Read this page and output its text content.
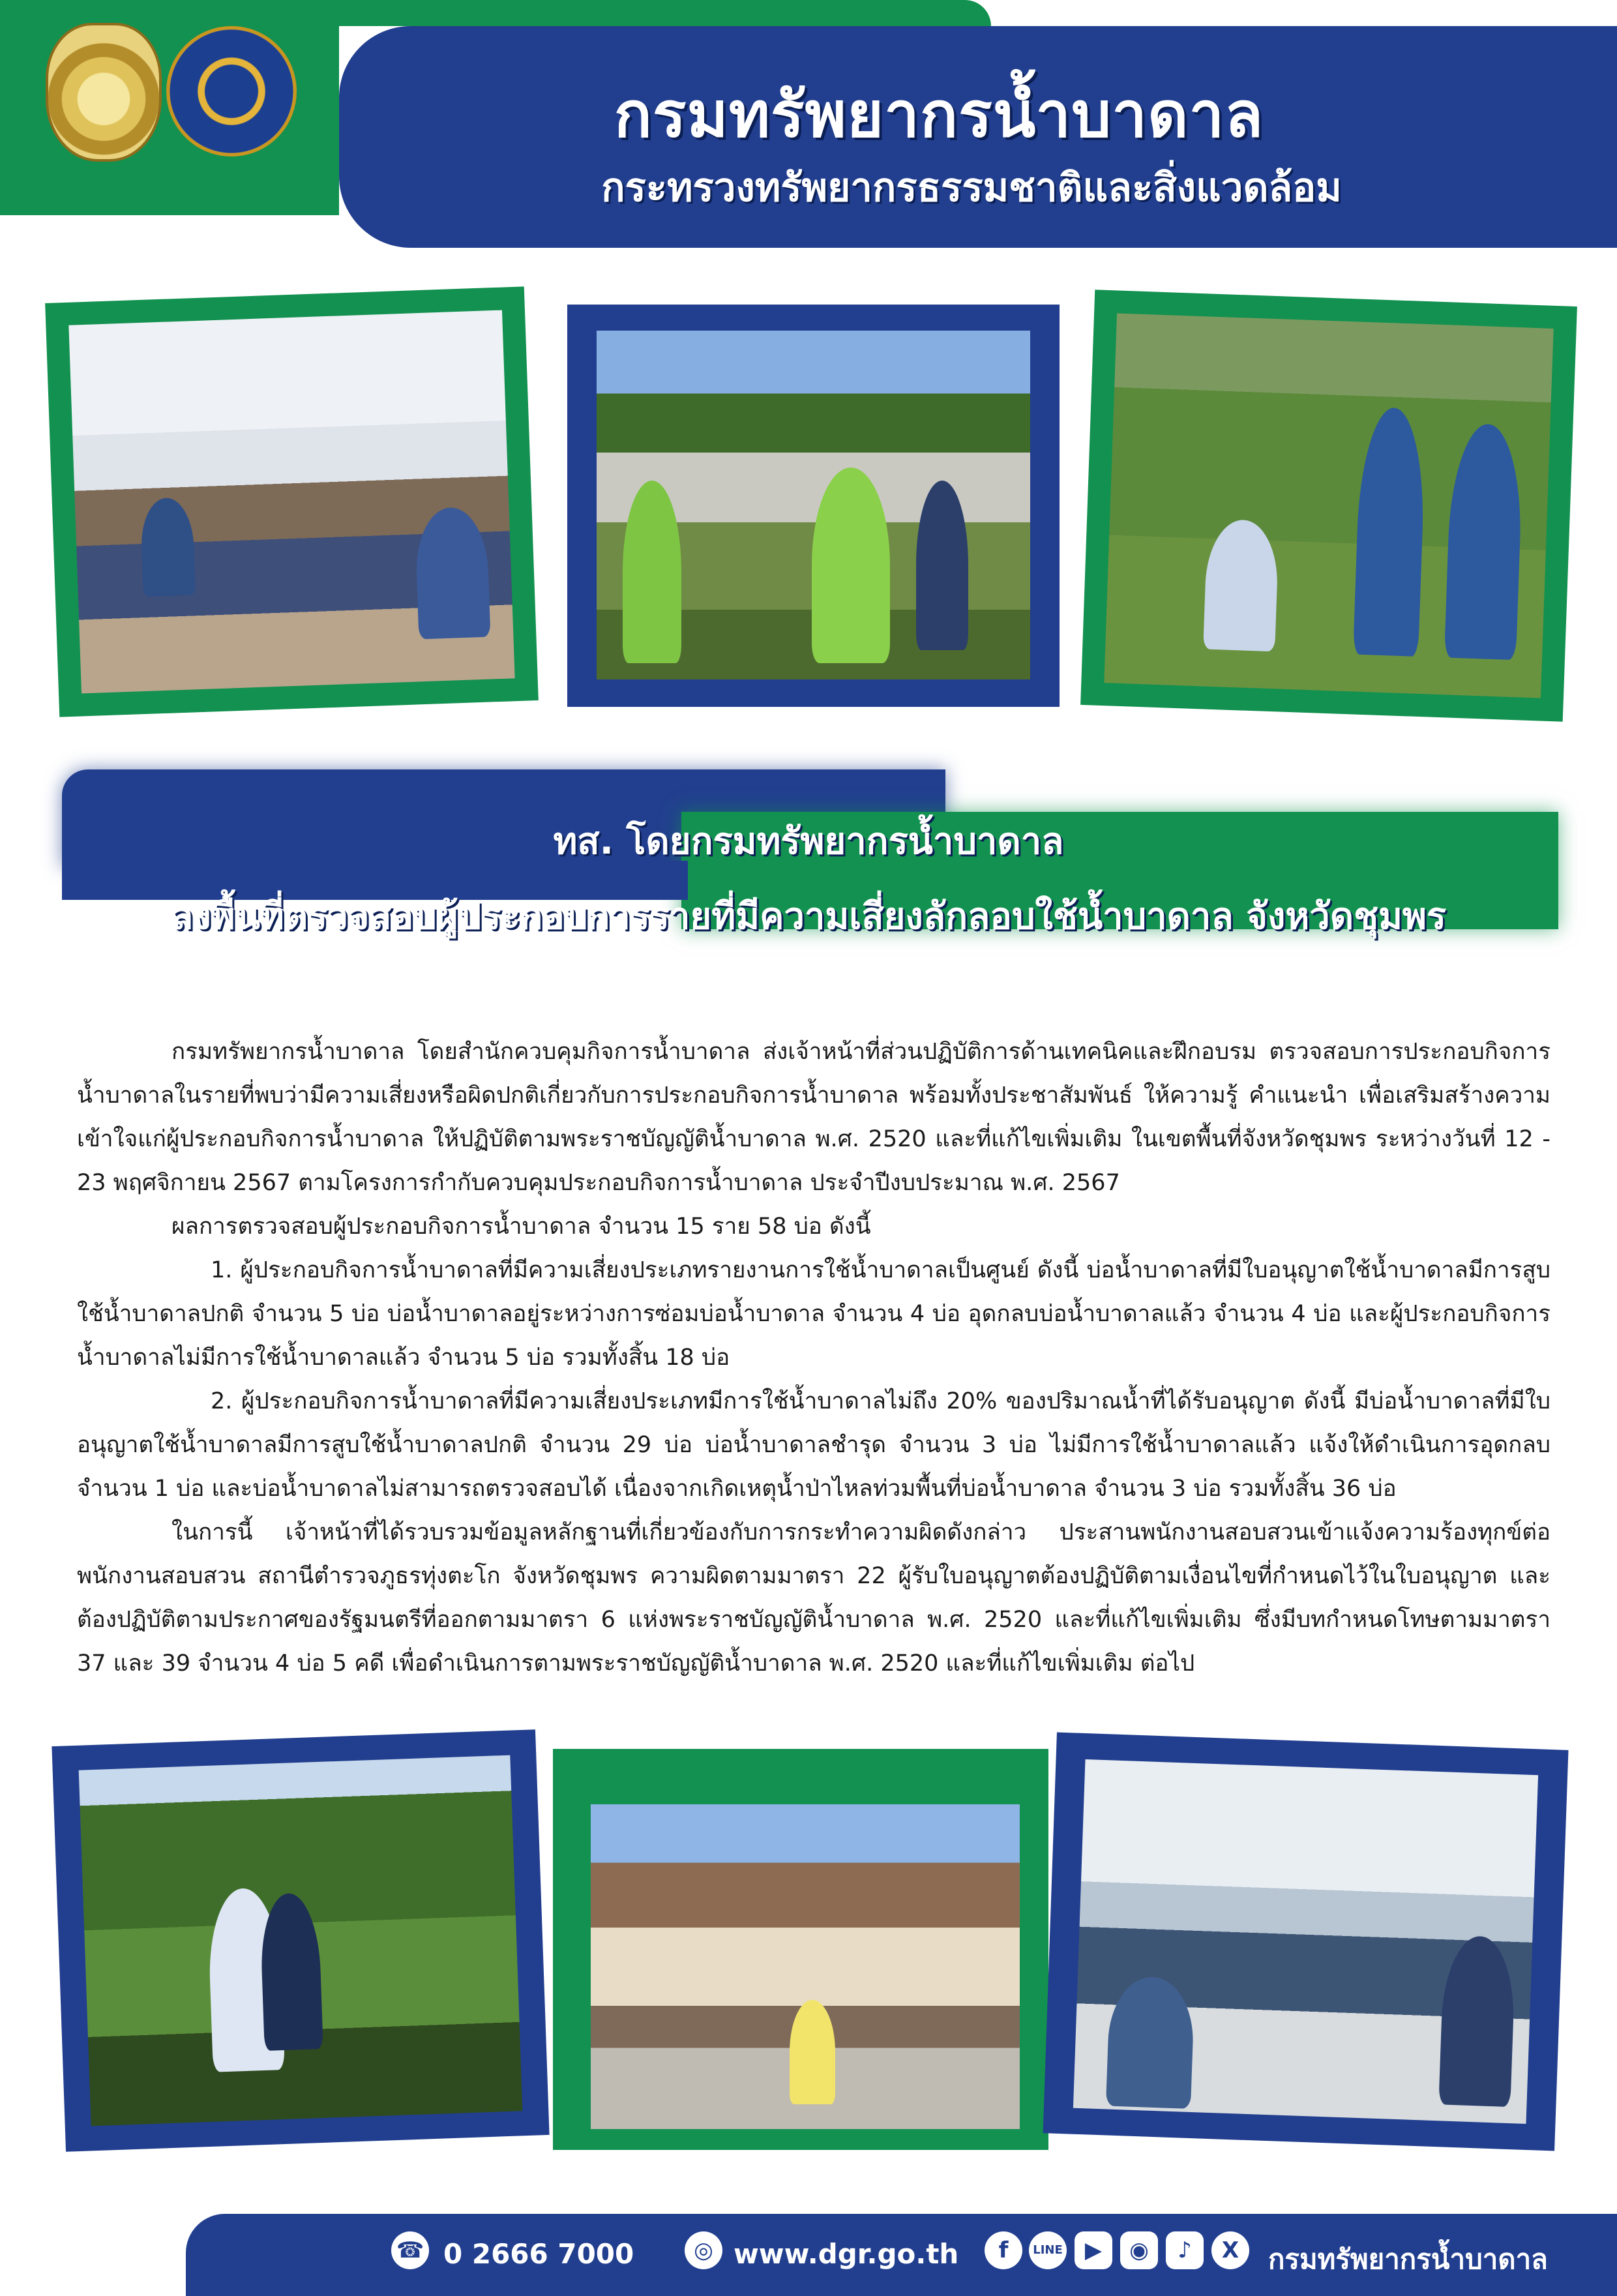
กรมทรัพยากรน้ำบาดาล
กระทรวงทรัพยากรธรรมชาติและสิ่งแวดล้อม
ทส. โดยกรมทรัพยากรน้ำบาดาล
ลงพื้นที่ตรวจสอบผู้ประกอบการรายที่มีความเสี่ยงลักลอบใช้น้ำบาดาล จังหวัดชุมพร

กรมทรัพยากรน้ำบาดาล โดยสำนักควบคุมกิจการน้ำบาดาล ส่งเจ้าหน้าที่ส่วนปฏิบัติการด้านเทคนิคและฝึกอบรม ตรวจสอบการประกอบกิจการน้ำบาดาลในรายที่พบว่ามีความเสี่ยงหรือผิดปกติเกี่ยวกับการประกอบกิจการน้ำบาดาล พร้อมทั้งประชาสัมพันธ์ ให้ความรู้ คำแนะนำ เพื่อเสริมสร้างความเข้าใจแก่ผู้ประกอบกิจการน้ำบาดาล ให้ปฏิบัติตามพระราชบัญญัติน้ำบาดาล พ.ศ. 2520 และที่แก้ไขเพิ่มเติม ในเขตพื้นที่จังหวัดชุมพร ระหว่างวันที่ 12 - 23 พฤศจิกายน 2567 ตามโครงการกำกับควบคุมประกอบกิจการน้ำบาดาล ประจำปีงบประมาณ พ.ศ. 2567

ผลการตรวจสอบผู้ประกอบกิจการน้ำบาดาล จำนวน 15 ราย 58 บ่อ ดังนี้

1. ผู้ประกอบกิจการน้ำบาดาลที่มีความเสี่ยงประเภทรายงานการใช้น้ำบาดาลเป็นศูนย์ ดังนี้ บ่อน้ำบาดาลที่มีใบอนุญาตใช้น้ำบาดาลมีการสูบใช้น้ำบาดาลปกติ จำนวน 5 บ่อ บ่อน้ำบาดาลอยู่ระหว่างการซ่อมบ่อน้ำบาดาล จำนวน 4 บ่อ อุดกลบบ่อน้ำบาดาลแล้ว จำนวน 4 บ่อ และผู้ประกอบกิจการน้ำบาดาลไม่มีการใช้น้ำบาดาลแล้ว จำนวน 5 บ่อ รวมทั้งสิ้น 18 บ่อ

2. ผู้ประกอบกิจการน้ำบาดาลที่มีความเสี่ยงประเภทมีการใช้น้ำบาดาลไม่ถึง 20% ของปริมาณน้ำที่ได้รับอนุญาต ดังนี้ มีบ่อน้ำบาดาลที่มีใบอนุญาตใช้น้ำบาดาลมีการสูบใช้น้ำบาดาลปกติ จำนวน 29 บ่อ บ่อน้ำบาดาลชำรุด จำนวน 3 บ่อ ไม่มีการใช้น้ำบาดาลแล้ว แจ้งให้ดำเนินการอุดกลบ จำนวน 1 บ่อ และบ่อน้ำบาดาลไม่สามารถตรวจสอบได้ เนื่องจากเกิดเหตุน้ำป่าไหลท่วมพื้นที่บ่อน้ำบาดาล จำนวน 3 บ่อ รวมทั้งสิ้น 36 บ่อ

ในการนี้ เจ้าหน้าที่ได้รวบรวมข้อมูลหลักฐานที่เกี่ยวข้องกับการกระทำความผิดดังกล่าว ประสานพนักงานสอบสวนเข้าแจ้งความร้องทุกข์ต่อพนักงานสอบสวน สถานีตำรวจภูธรทุ่งตะโก จังหวัดชุมพร ความผิดตามมาตรา 22 ผู้รับใบอนุญาตต้องปฏิบัติตามเงื่อนไขที่กำหนดไว้ในใบอนุญาต และต้องปฏิบัติตามประกาศของรัฐมนตรีที่ออกตามมาตรา 6 แห่งพระราชบัญญัติน้ำบาดาล พ.ศ. 2520 และที่แก้ไขเพิ่มเติม ซึ่งมีบทกำหนดโทษตามมาตรา 37 และ 39 จำนวน 4 บ่อ 5 คดี เพื่อดำเนินการตามพระราชบัญญัติน้ำบาดาล พ.ศ. 2520 และที่แก้ไขเพิ่มเติม ต่อไป

☎ 0 2666 7000	◎ www.dgr.go.th	f	LINE	▶	◉	♪	X	กรมทรัพยากรน้ำบาดาล
